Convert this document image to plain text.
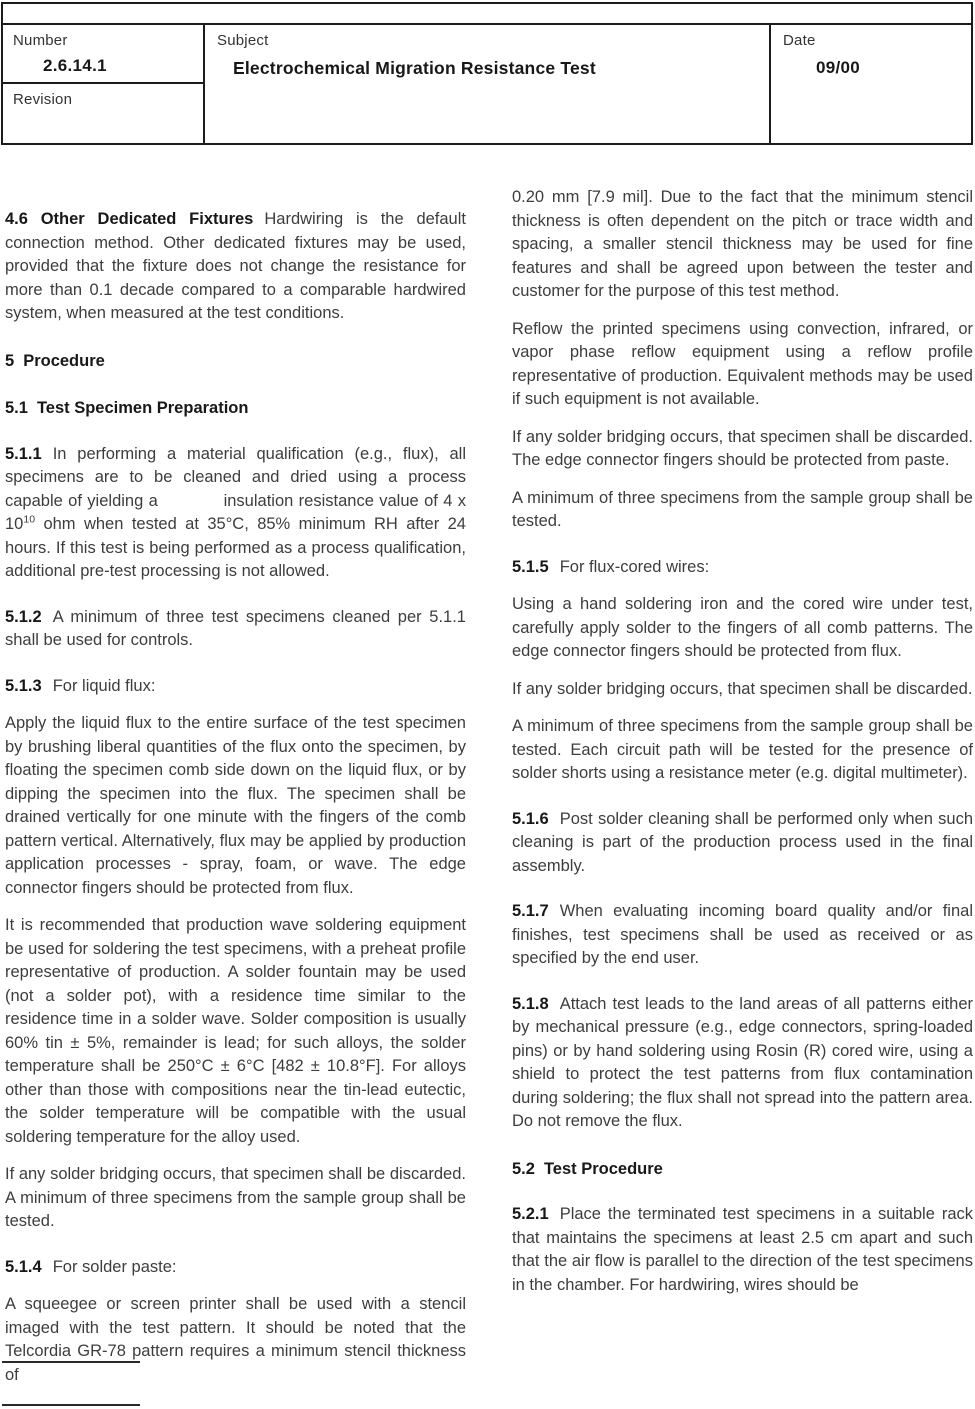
Number
2.6.14.1
Revision
Subject
Electrochemical Migration Resistance Test
Date
09/00

4.6 Other Dedicated Fixtures Hardwiring is the default connection method. Other dedicated fixtures may be used, provided that the fixture does not change the resistance for more than 0.1 decade compared to a comparable hardwired system, when measured at the test conditions.

5 Procedure

5.1 Test Specimen Preparation

5.1.1 In performing a material qualification (e.g., flux), all specimens are to be cleaned and dried using a process capable of yielding a	insulation resistance value of 4 x $10^{10}$ ohm when tested at 35°C, 85% minimum RH after 24 hours. If this test is being performed as a process qualification, additional pre-test processing is not allowed.

5.1.2 A minimum of three test specimens cleaned per 5.1.1 shall be used for controls.

5.1.3 For liquid flux:

Apply the liquid flux to the entire surface of the test specimen by brushing liberal quantities of the flux onto the specimen, by floating the specimen comb side down on the liquid flux, or by dipping the specimen into the flux. The specimen shall be drained vertically for one minute with the fingers of the comb pattern vertical. Alternatively, flux may be applied by production application processes - spray, foam, or wave. The edge connector fingers should be protected from flux.

It is recommended that production wave soldering equipment be used for soldering the test specimens, with a preheat profile representative of production. A solder fountain may be used (not a solder pot), with a residence time similar to the residence time in a solder wave. Solder composition is usually 60% tin ± 5%, remainder is lead; for such alloys, the solder temperature shall be 250°C ± 6°C [482 ± 10.8°F]. For alloys other than those with compositions near the tin-lead eutectic, the solder temperature will be compatible with the usual soldering temperature for the alloy used.

If any solder bridging occurs, that specimen shall be discarded. A minimum of three specimens from the sample group shall be tested.

5.1.4 For solder paste:

A squeegee or screen printer shall be used with a stencil imaged with the test pattern. It should be noted that the Telcordia GR-78 pattern requires a minimum stencil thickness of

0.20 mm [7.9 mil]. Due to the fact that the minimum stencil thickness is often dependent on the pitch or trace width and spacing, a smaller stencil thickness may be used for fine features and shall be agreed upon between the tester and customer for the purpose of this test method.

Reflow the printed specimens using convection, infrared, or vapor phase reflow equipment using a reflow profile representative of production. Equivalent methods may be used if such equipment is not available.

If any solder bridging occurs, that specimen shall be discarded. The edge connector fingers should be protected from paste.

A minimum of three specimens from the sample group shall be tested.

5.1.5 For flux-cored wires:

Using a hand soldering iron and the cored wire under test, carefully apply solder to the fingers of all comb patterns. The edge connector fingers should be protected from flux.

If any solder bridging occurs, that specimen shall be discarded.

A minimum of three specimens from the sample group shall be tested. Each circuit path will be tested for the presence of solder shorts using a resistance meter (e.g. digital multimeter).

5.1.6 Post solder cleaning shall be performed only when such cleaning is part of the production process used in the final assembly.

5.1.7 When evaluating incoming board quality and/or final finishes, test specimens shall be used as received or as specified by the end user.

5.1.8 Attach test leads to the land areas of all patterns either by mechanical pressure (e.g., edge connectors, spring-loaded pins) or by hand soldering using Rosin (R) cored wire, using a shield to protect the test patterns from flux contamination during soldering; the flux shall not spread into the pattern area. Do not remove the flux.

5.2 Test Procedure

5.2.1 Place the terminated test specimens in a suitable rack that maintains the specimens at least 2.5 cm apart and such that the air flow is parallel to the direction of the test specimens in the chamber. For hardwiring, wires should be
